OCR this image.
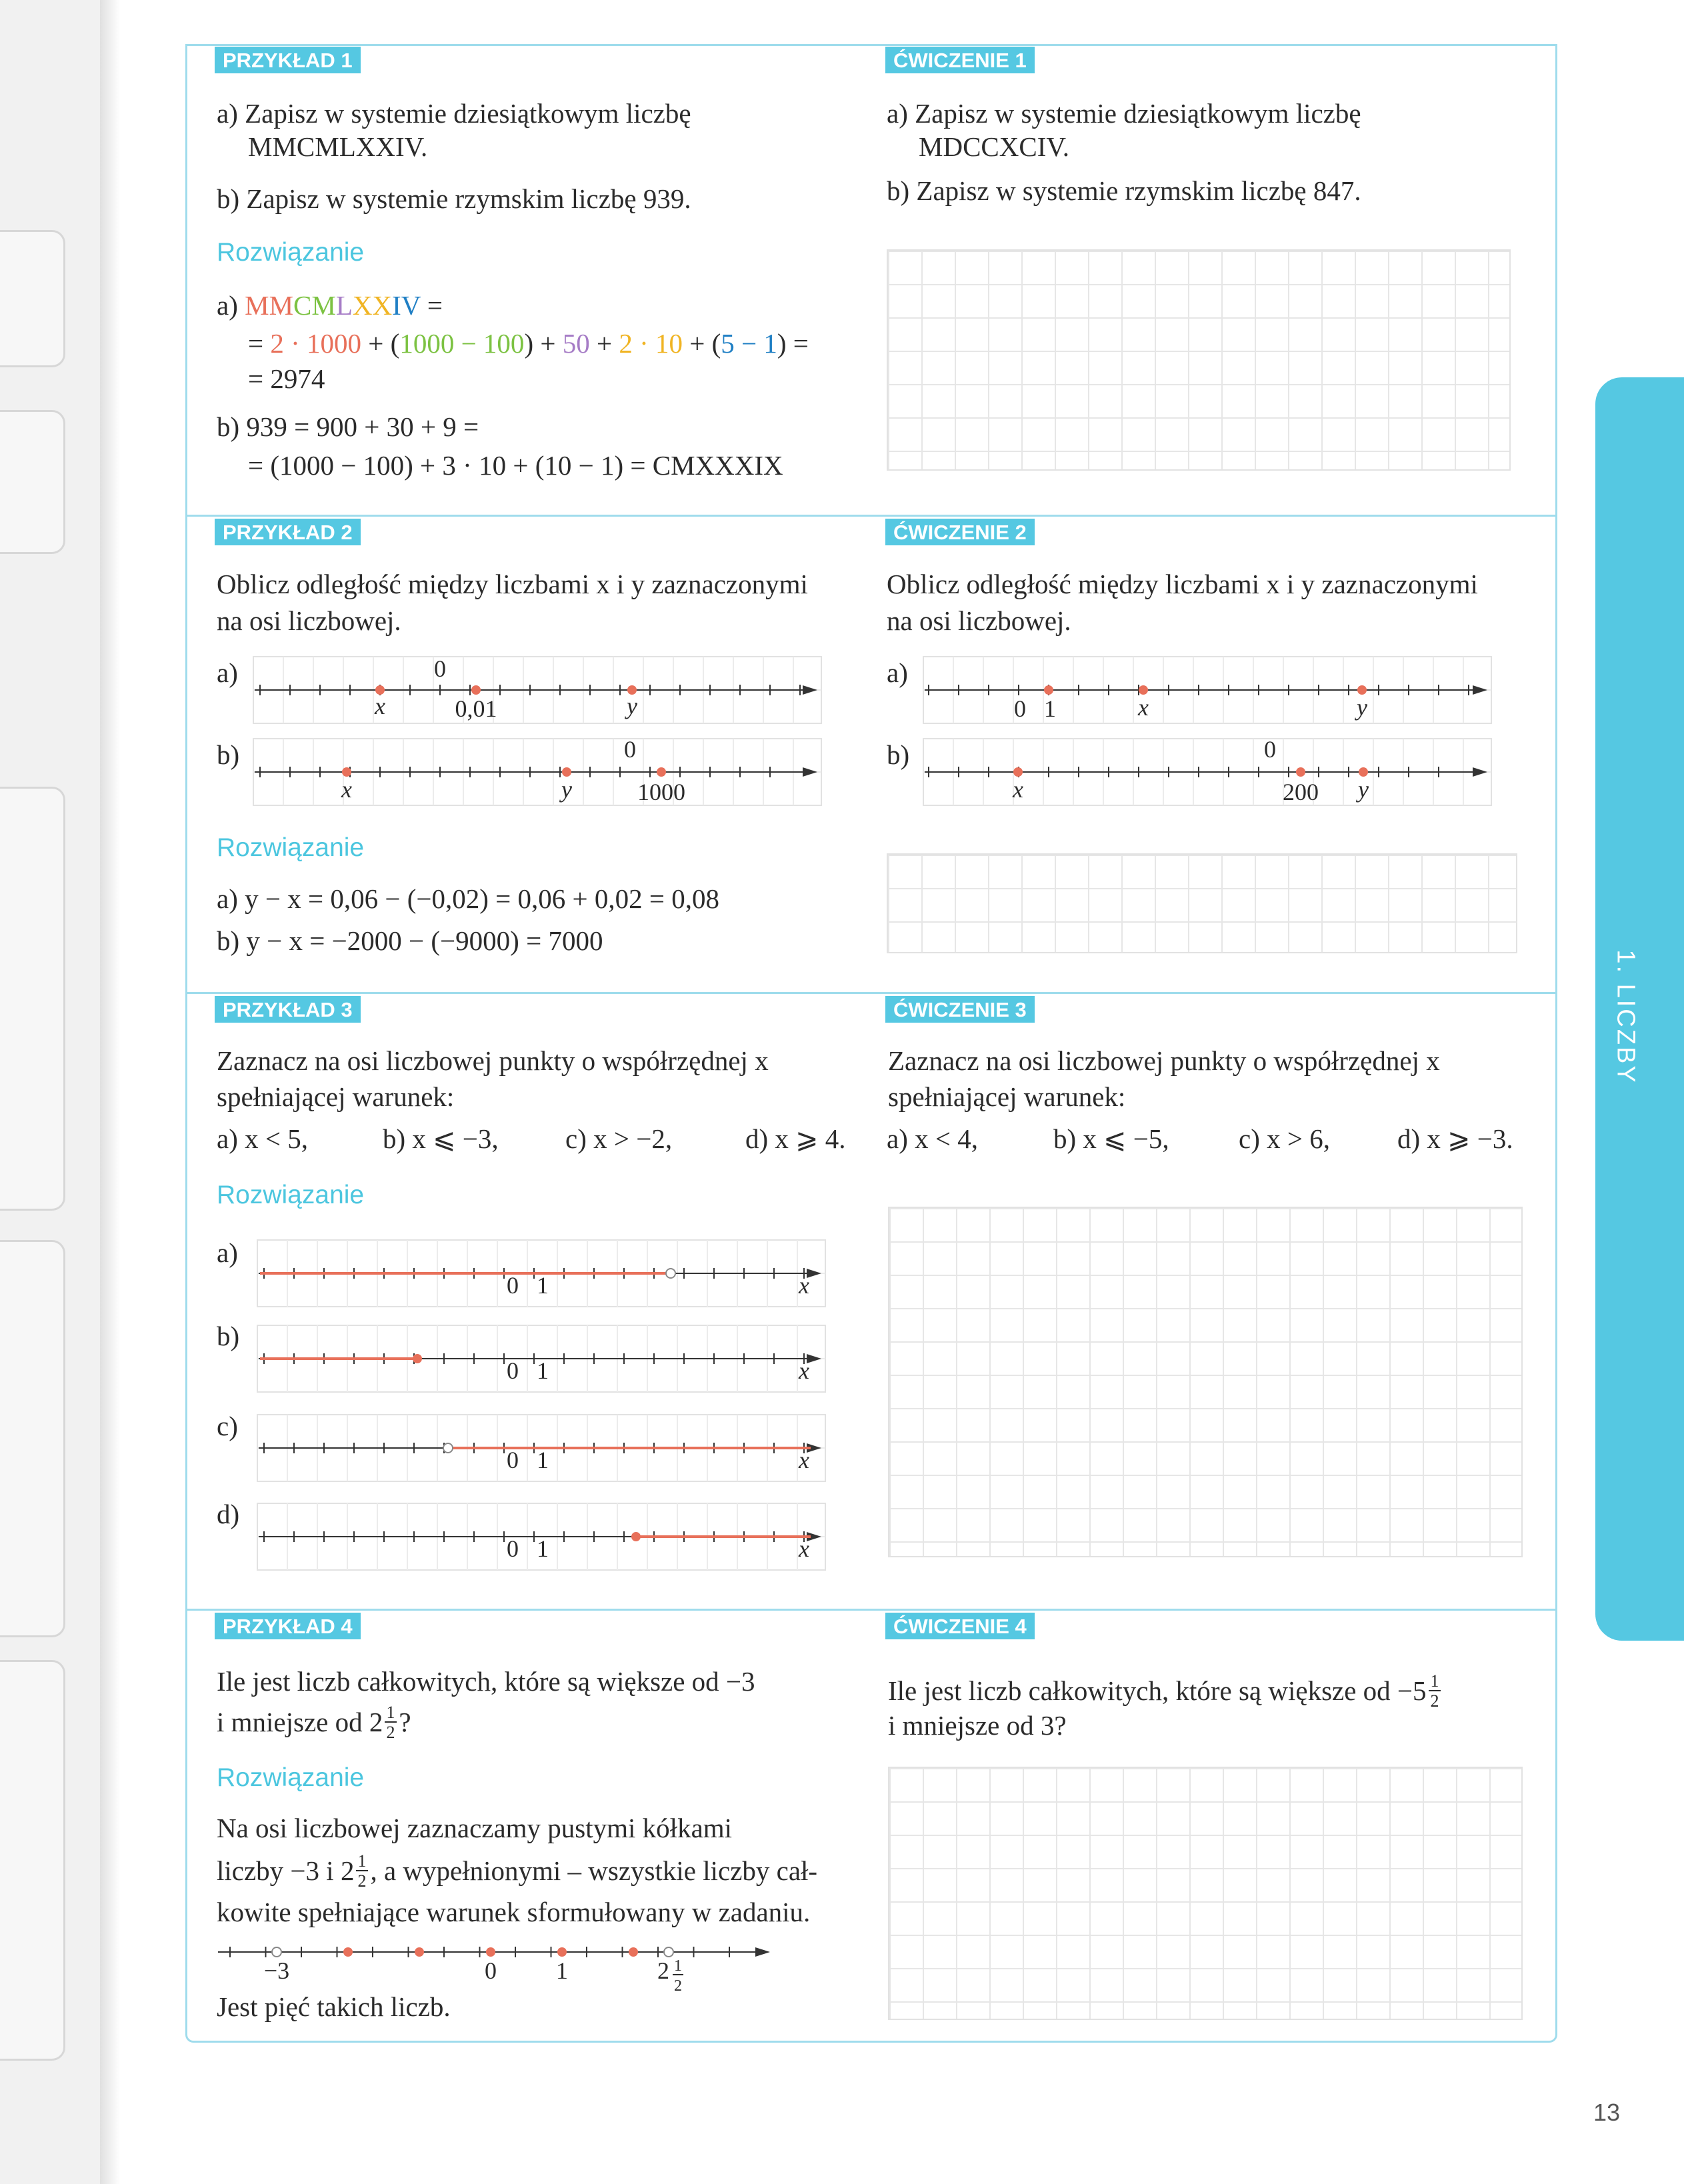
1. LICZBY
PRZYKŁAD 1
a) Zapisz w systemie dziesiątkowym liczbę
MMCMLXXIV.
b) Zapisz w systemie rzymskim liczbę 939.
Rozwiązanie
a) MMCMLXXIV =
= 2 · 1000 + (1000 − 100) + 50 + 2 · 10 + (5 − 1) =
= 2974
b) 939 = 900 + 30 + 9 =
= (1000 − 100) + 3 · 10 + (10 − 1) = CMXXXIX
ĆWICZENIE 1
a) Zapisz w systemie dziesiątkowym liczbę
MDCCXCIV.
b) Zapisz w systemie rzymskim liczbę 847.
PRZYKŁAD 2
Oblicz odległość między liczbami x i y zaznaczonymi
na osi liczbowej.
a)
b)
0
x	0,01	y
0
x	y	1000
Rozwiązanie
a) y − x = 0,06 − (−0,02) = 0,06 + 0,02 = 0,08
b) y − x = −2000 − (−9000) = 7000
ĆWICZENIE 2
Oblicz odległość między liczbami x i y zaznaczonymi
na osi liczbowej.
a)
b)
0 1	x	y
0
x	200 y
PRZYKŁAD 3
Zaznacz na osi liczbowej punkty o współrzędnej x
spełniającej warunek:
a) x < 5,	b) x ⩽ −3, c) x > −2,	d) x ⩾ 4.
Rozwiązanie
a)
b)
c)
d)
0 1	x
0 1	x
0 1	x
0 1	x
ĆWICZENIE 3
Zaznacz na osi liczbowej punkty o współrzędnej x
spełniającej warunek:
a) x < 4,	b) x ⩽ −5,	c) x > 6, d) x ⩾ −3.
PRZYKŁAD 4
Ile jest liczb całkowitych, które są większe od −3
i mniejsze od 2 1
2 ?
Rozwiązanie
Na osi liczbowej zaznaczamy pustymi kółkami
liczby −3 i 2 1
2 , a wypełnionymi – wszystkie liczby cał-
kowite spełniające warunek sformułowany w zadaniu.
−3	0 1	2 1
2
Jest pięć takich liczb.
ĆWICZENIE 4
Ile jest liczb całkowitych, które są większe od −5 1
2
i mniejsze od 3?
13
